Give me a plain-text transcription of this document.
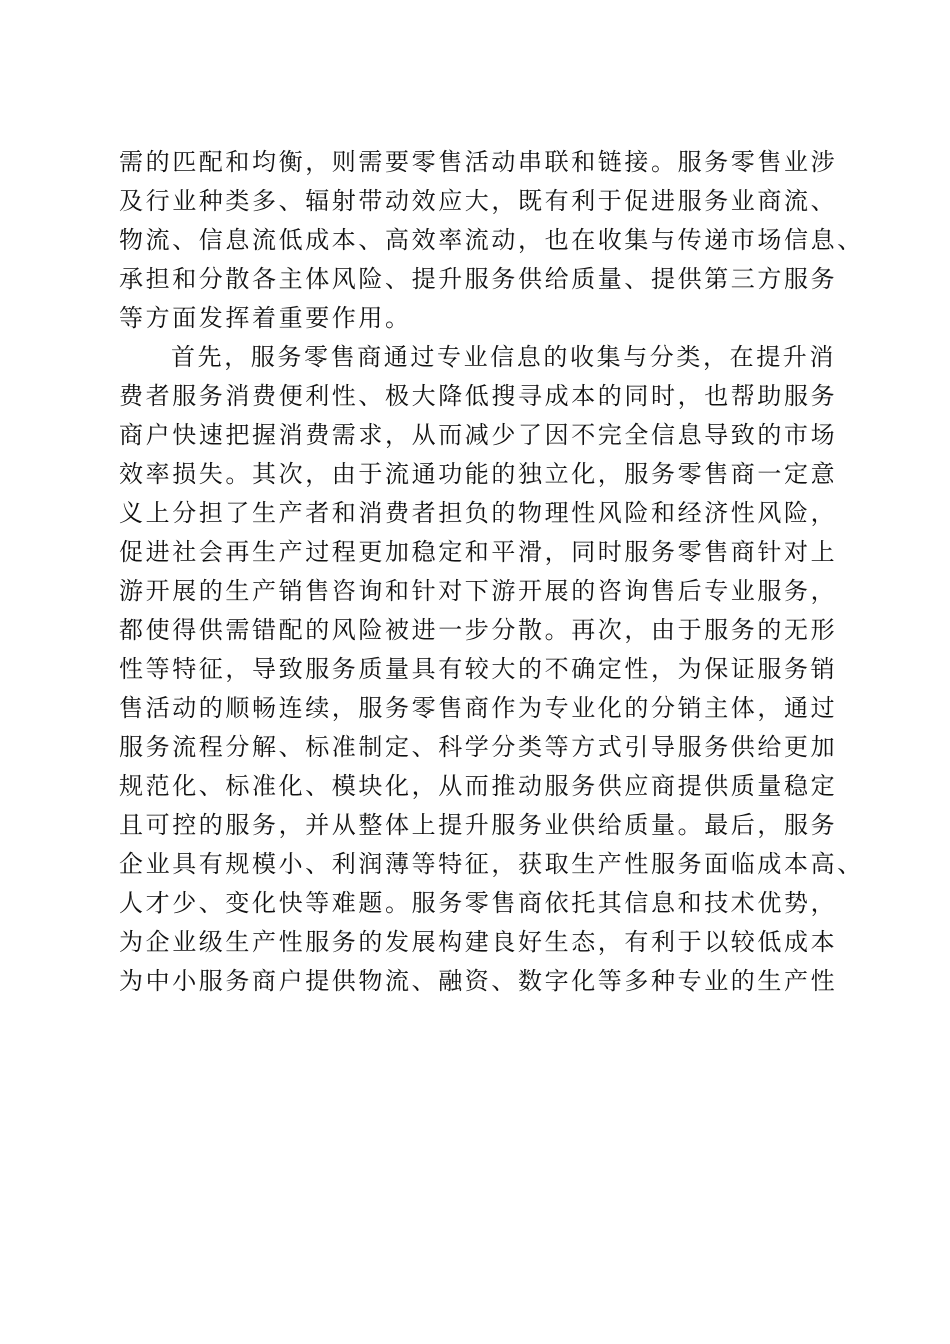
需的匹配和均衡，则需要零售活动串联和链接。服务零售业涉
及行业种类多、辐射带动效应大，既有利于促进服务业商流、
物流、信息流低成本、高效率流动，也在收集与传递市场信息、
承担和分散各主体风险、提升服务供给质量、提供第三方服务
等方面发挥着重要作用。
首先，服务零售商通过专业信息的收集与分类，在提升消
费者服务消费便利性、极大降低搜寻成本的同时，也帮助服务
商户快速把握消费需求，从而减少了因不完全信息导致的市场
效率损失。其次，由于流通功能的独立化，服务零售商一定意
义上分担了生产者和消费者担负的物理性风险和经济性风险，
促进社会再生产过程更加稳定和平滑，同时服务零售商针对上
游开展的生产销售咨询和针对下游开展的咨询售后专业服务，
都使得供需错配的风险被进一步分散。再次，由于服务的无形
性等特征，导致服务质量具有较大的不确定性，为保证服务销
售活动的顺畅连续，服务零售商作为专业化的分销主体，通过
服务流程分解、标准制定、科学分类等方式引导服务供给更加
规范化、标准化、模块化，从而推动服务供应商提供质量稳定
且可控的服务，并从整体上提升服务业供给质量。最后，服务
企业具有规模小、利润薄等特征，获取生产性服务面临成本高、
人才少、变化快等难题。服务零售商依托其信息和技术优势，
为企业级生产性服务的发展构建良好生态，有利于以较低成本
为中小服务商户提供物流、融资、数字化等多种专业的生产性
